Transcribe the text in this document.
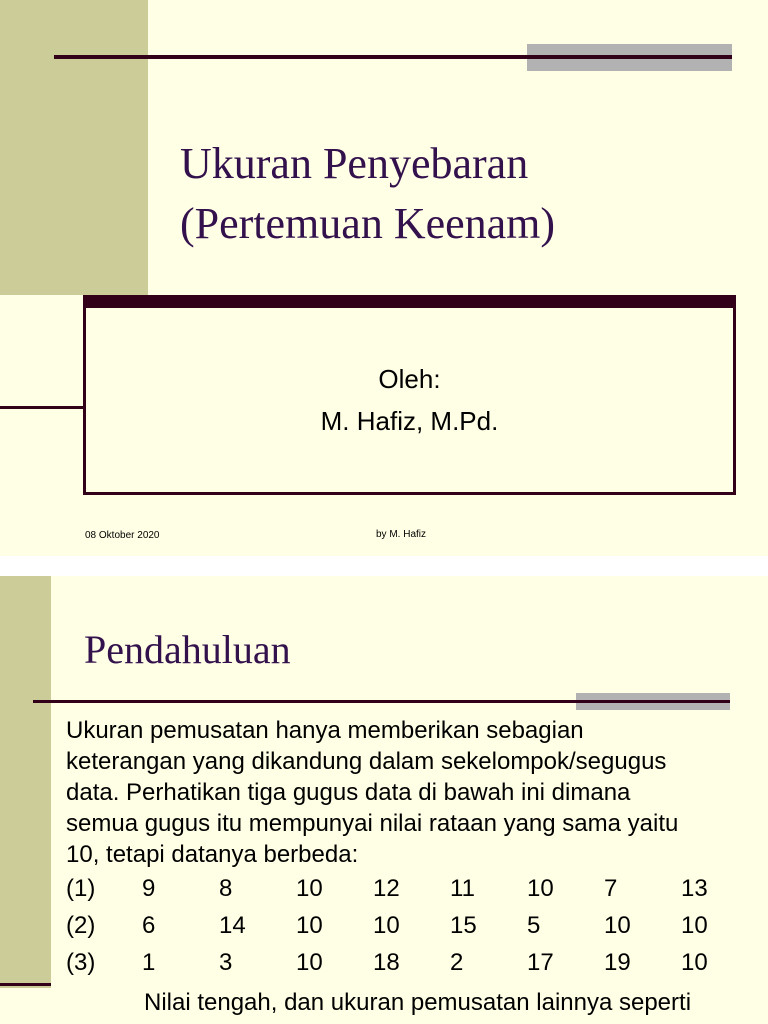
Ukuran Penyebaran
(Pertemuan Keenam)
Oleh:
M. Hafiz, M.Pd.
08 Oktober 2020	by M. Hafiz
Pendahuluan
Ukuran pemusatan hanya memberikan sebagian
keterangan yang dikandung dalam sekelompok/segugus
data. Perhatikan tiga gugus data di bawah ini dimana
semua gugus itu mempunyai nilai rataan yang sama yaitu
10, tetapi datanya berbeda:
(1) 9	8	10 12 11 10 7	13
(2) 6	14 10 10 15 5	10 10
(3) 1	3	10 18 2	17 19 10
Nilai tengah, dan ukuran pemusatan lainnya seperti
